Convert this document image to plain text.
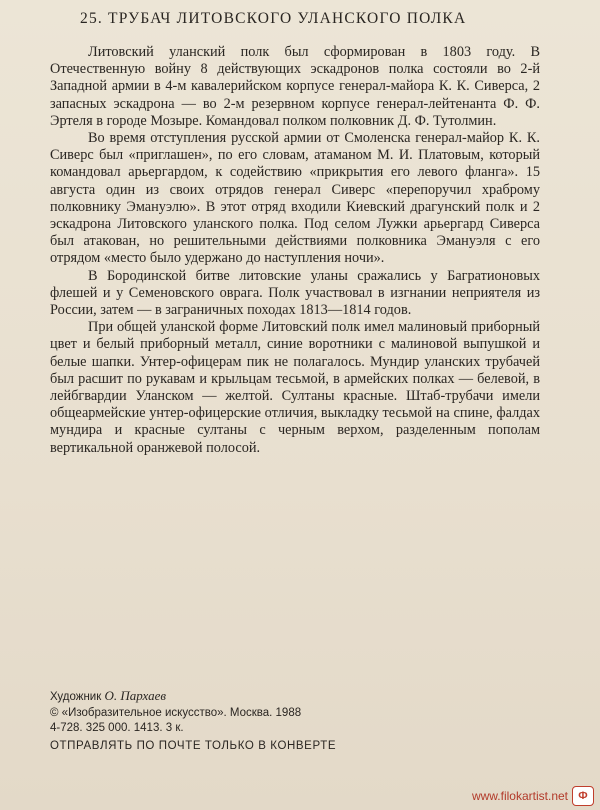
25. ТРУБАЧ ЛИТОВСКОГО УЛАНСКОГО ПОЛКА

Литовский уланский полк был сформирован в 1803 году. В Отечественную войну 8 действующих эскадронов полка состояли во 2-й Западной армии в 4-м кавалерийском корпусе генерал-майора К. К. Сиверса, 2 запасных эскадрона — во 2-м резервном корпусе генерал-лейтенанта Ф. Ф. Эртеля в городе Мозыре. Командовал полком полковник Д. Ф. Тутолмин.

Во время отступления русской армии от Смоленска генерал-майор К. К. Сиверс был «приглашен», по его словам, атаманом М. И. Платовым, который командовал арьергардом, к содействию «прикрытия его левого фланга». 15 августа один из своих отрядов генерал Сиверс «перепоручил храброму полковнику Эмануэлю». В этот отряд входили Киевский драгунский полк и 2 эскадрона Литовского уланского полка. Под селом Лужки арьергард Сиверса был атакован, но решительными действиями полковника Эмануэля с его отрядом «место было удержано до наступления ночи».

В Бородинской битве литовские уланы сражались у Багратионовых флешей и у Семеновского оврага. Полк участвовал в изгнании неприятеля из России, затем — в заграничных походах 1813—1814 годов.

При общей уланской форме Литовский полк имел малиновый приборный цвет и белый приборный металл, синие воротники с малиновой выпушкой и белые шапки. Унтер-офицерам пик не полагалось. Мундир уланских трубачей был расшит по рукавам и крыльцам тесьмой, в армейских полках — белевой, в лейбгвардии Уланском — желтой. Султаны красные. Штаб-трубачи имели общеармейские унтер-офицерские отличия, выкладку тесьмой на спине, фалдах мундира и красные султаны с черным верхом, разделенным пополам вертикальной оранжевой полосой.

Художник О. Пархаев
© «Изобразительное искусство». Москва. 1988
4-728. 325 000. 1413. 3 к.
ОТПРАВЛЯТЬ ПО ПОЧТЕ ТОЛЬКО В КОНВЕРТЕ
www.filokartist.net Ф
